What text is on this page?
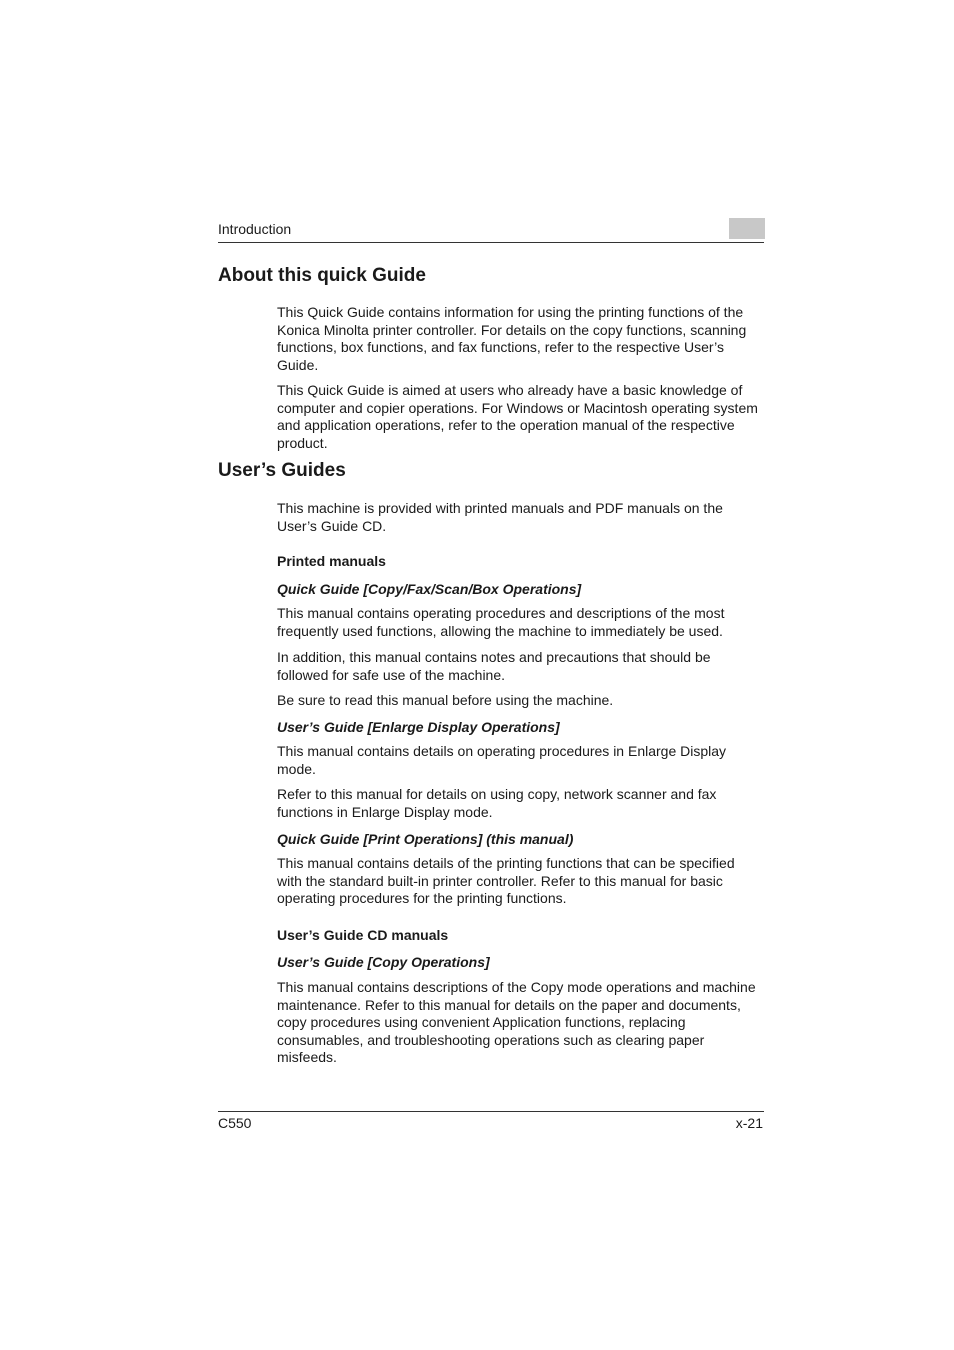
Introduction
About this quick Guide

This Quick Guide contains information for using the printing functions of the Konica Minolta printer controller. For details on the copy functions, scanning functions, box functions, and fax functions, refer to the respective User’s Guide.

This Quick Guide is aimed at users who already have a basic knowledge of computer and copier operations. For Windows or Macintosh operating system and application operations, refer to the operation manual of the respective product.

User’s Guides

This machine is provided with printed manuals and PDF manuals on the User’s Guide CD.

Printed manuals
Quick Guide [Copy/Fax/Scan/Box Operations]

This manual contains operating procedures and descriptions of the most frequently used functions, allowing the machine to immediately be used.

In addition, this manual contains notes and precautions that should be followed for safe use of the machine.

Be sure to read this manual before using the machine.

User’s Guide [Enlarge Display Operations]

This manual contains details on operating procedures in Enlarge Display mode.

Refer to this manual for details on using copy, network scanner and fax functions in Enlarge Display mode.

Quick Guide [Print Operations] (this manual)

This manual contains details of the printing functions that can be specified with the standard built-in printer controller. Refer to this manual for basic operating procedures for the printing functions.

User’s Guide CD manuals
User’s Guide [Copy Operations]

This manual contains descriptions of the Copy mode operations and machine maintenance. Refer to this manual for details on the paper and documents, copy procedures using convenient Application functions, replacing consumables, and troubleshooting operations such as clearing paper misfeeds.

C550	x-21
